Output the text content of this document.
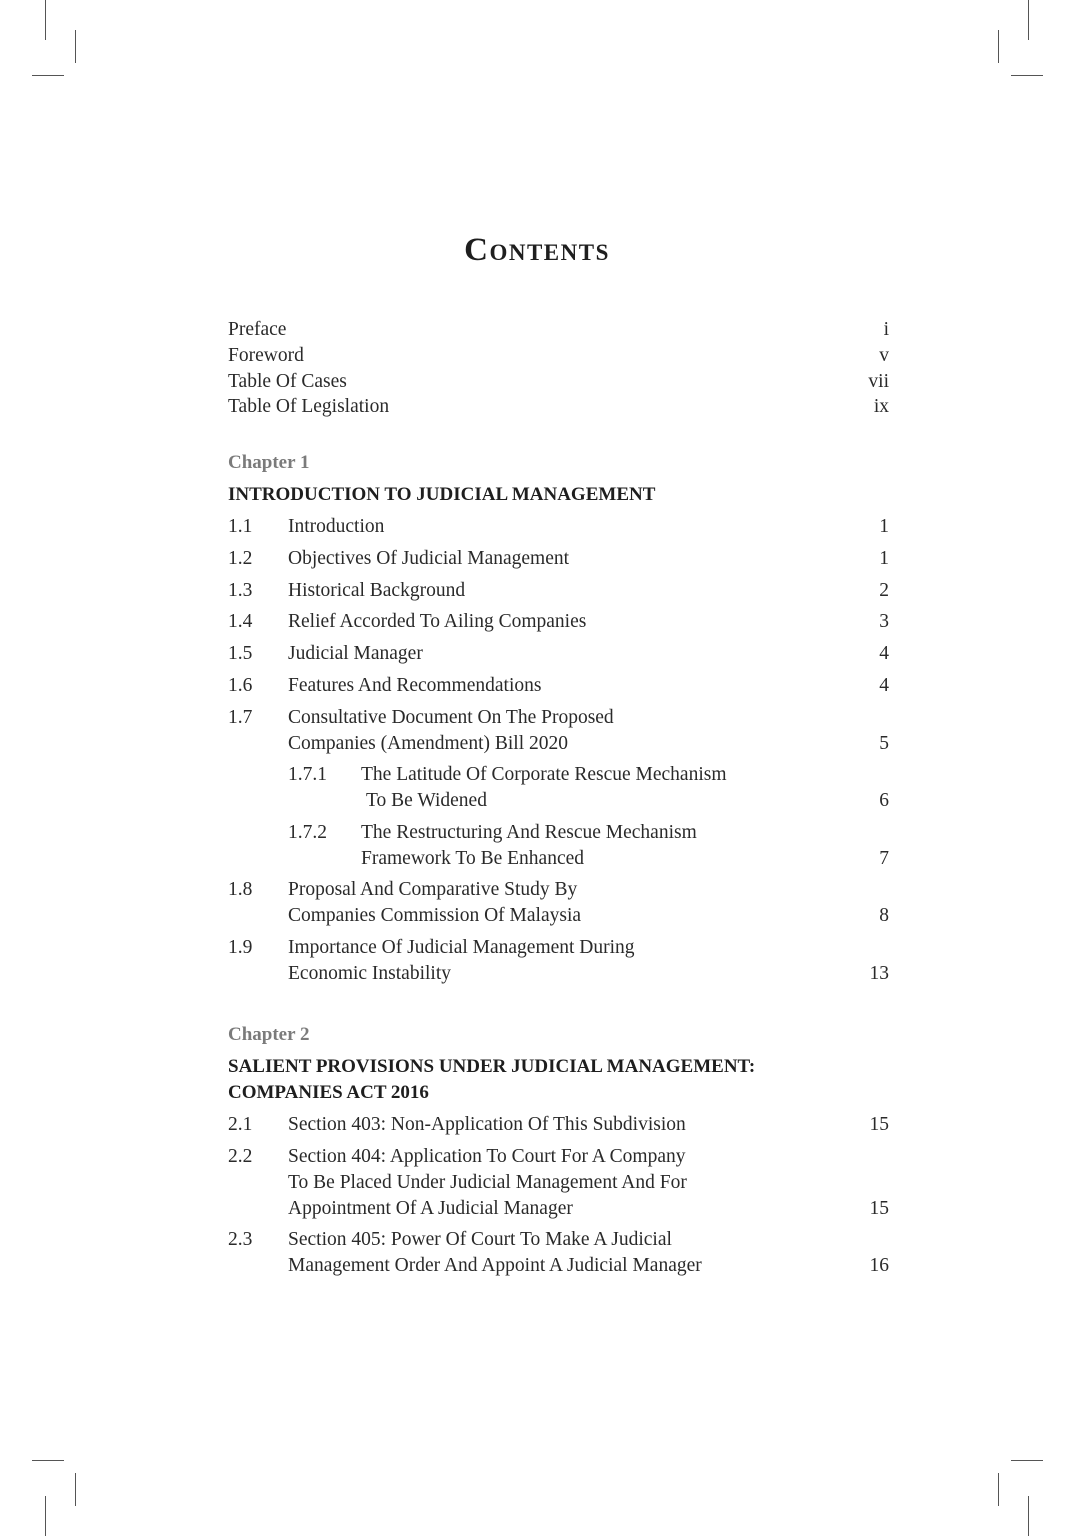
Contents
Preface	i
Foreword	v
Table Of Cases	vii
Table Of Legislation	ix
Chapter 1
INTRODUCTION TO JUDICIAL MANAGEMENT
1.1 Introduction	1
1.2 Objectives Of Judicial Management	1
1.3 Historical Background	2
1.4 Relief Accorded To Ailing Companies	3
1.5 Judicial Manager	4
1.6 Features And Recommendations	4
1.7 Consultative Document On The Proposed
Companies (Amendment) Bill 2020	5
1.7.1 The Latitude Of Corporate Rescue Mechanism
To Be Widened	6
1.7.2 The Restructuring And Rescue Mechanism
Framework To Be Enhanced	7
1.8 Proposal And Comparative Study By
Companies Commission Of Malaysia	8
1.9 Importance Of Judicial Management During
Economic Instability	13
Chapter 2
SALIENT PROVISIONS UNDER JUDICIAL MANAGEMENT:
COMPANIES ACT 2016
2.1 Section 403: Non-Application Of This Subdivision	15
2.2 Section 404: Application To Court For A Company
To Be Placed Under Judicial Management And For
Appointment Of A Judicial Manager	15
2.3 Section 405: Power Of Court To Make A Judicial
Management Order And Appoint A Judicial Manager	16
